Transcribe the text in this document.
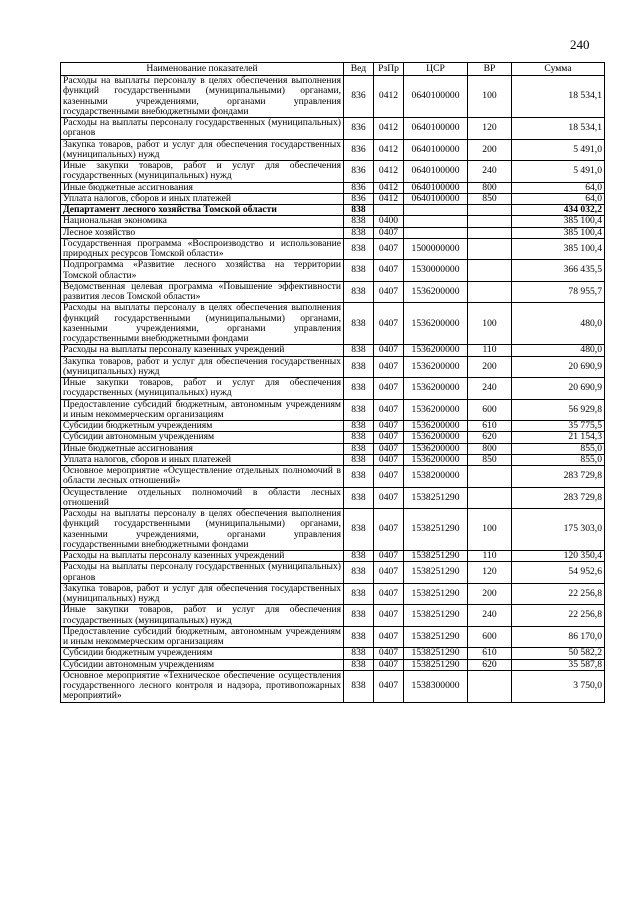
240
Наименование показателей	Вед	РзПр	ЦСР	ВР	Сумма
Расходы на выплаты персоналу в целях обеспечения выполнения функций государственными (муниципальными) органами, казенными учреждениями, органами управления государственными внебюджетными фондами	836	0412	0640100000	100	18 534,1
Расходы на выплаты персоналу государственных (муниципальных) органов	836	0412	0640100000	120	18 534,1
Закупка товаров, работ и услуг для обеспечения государственных (муниципальных) нужд	836	0412	0640100000	200	5 491,0
Иные закупки товаров, работ и услуг для обеспечения государственных (муниципальных) нужд	836	0412	0640100000	240	5 491,0
Иные бюджетные ассигнования	836	0412	0640100000	800	64,0
Уплата налогов, сборов и иных платежей	836	0412	0640100000	850	64,0
Департамент лесного хозяйства Томской области	838				434 032,2
Национальная экономика	838	0400			385 100,4
Лесное хозяйство	838	0407			385 100,4
Государственная программа «Воспроизводство и использование природных ресурсов Томской области»	838	0407	1500000000		385 100,4
Подпрограмма «Развитие лесного хозяйства на территории Томской области»	838	0407	1530000000		366 435,5
Ведомственная целевая программа «Повышение эффективности развития лесов Томской области»	838	0407	1536200000		78 955,7
Расходы на выплаты персоналу в целях обеспечения выполнения функций государственными (муниципальными) органами, казенными учреждениями, органами управления государственными внебюджетными фондами	838	0407	1536200000	100	480,0
Расходы на выплаты персоналу казенных учреждений	838	0407	1536200000	110	480,0
Закупка товаров, работ и услуг для обеспечения государственных (муниципальных) нужд	838	0407	1536200000	200	20 690,9
Иные закупки товаров, работ и услуг для обеспечения государственных (муниципальных) нужд	838	0407	1536200000	240	20 690,9
Предоставление субсидий бюджетным, автономным учреждениям и иным некоммерческим организациям	838	0407	1536200000	600	56 929,8
Субсидии бюджетным учреждениям	838	0407	1536200000	610	35 775,5
Субсидии автономным учреждениям	838	0407	1536200000	620	21 154,3
Иные бюджетные ассигнования	838	0407	1536200000	800	855,0
Уплата налогов, сборов и иных платежей	838	0407	1536200000	850	855,0
Основное мероприятие «Осуществление отдельных полномочий в области лесных отношений»	838	0407	1538200000		283 729,8
Осуществление отдельных полномочий в области лесных отношений	838	0407	1538251290		283 729,8
Расходы на выплаты персоналу в целях обеспечения выполнения функций государственными (муниципальными) органами, казенными учреждениями, органами управления государственными внебюджетными фондами	838	0407	1538251290	100	175 303,0
Расходы на выплаты персоналу казенных учреждений	838	0407	1538251290	110	120 350,4
Расходы на выплаты персоналу государственных (муниципальных) органов	838	0407	1538251290	120	54 952,6
Закупка товаров, работ и услуг для обеспечения государственных (муниципальных) нужд	838	0407	1538251290	200	22 256,8
Иные закупки товаров, работ и услуг для обеспечения государственных (муниципальных) нужд	838	0407	1538251290	240	22 256,8
Предоставление субсидий бюджетным, автономным учреждениям и иным некоммерческим организациям	838	0407	1538251290	600	86 170,0
Субсидии бюджетным учреждениям	838	0407	1538251290	610	50 582,2
Субсидии автономным учреждениям	838	0407	1538251290	620	35 587,8
Основное мероприятие «Техническое обеспечение осуществления государственного лесного контроля и надзора, противопожарных мероприятий»	838	0407	1538300000		3 750,0
